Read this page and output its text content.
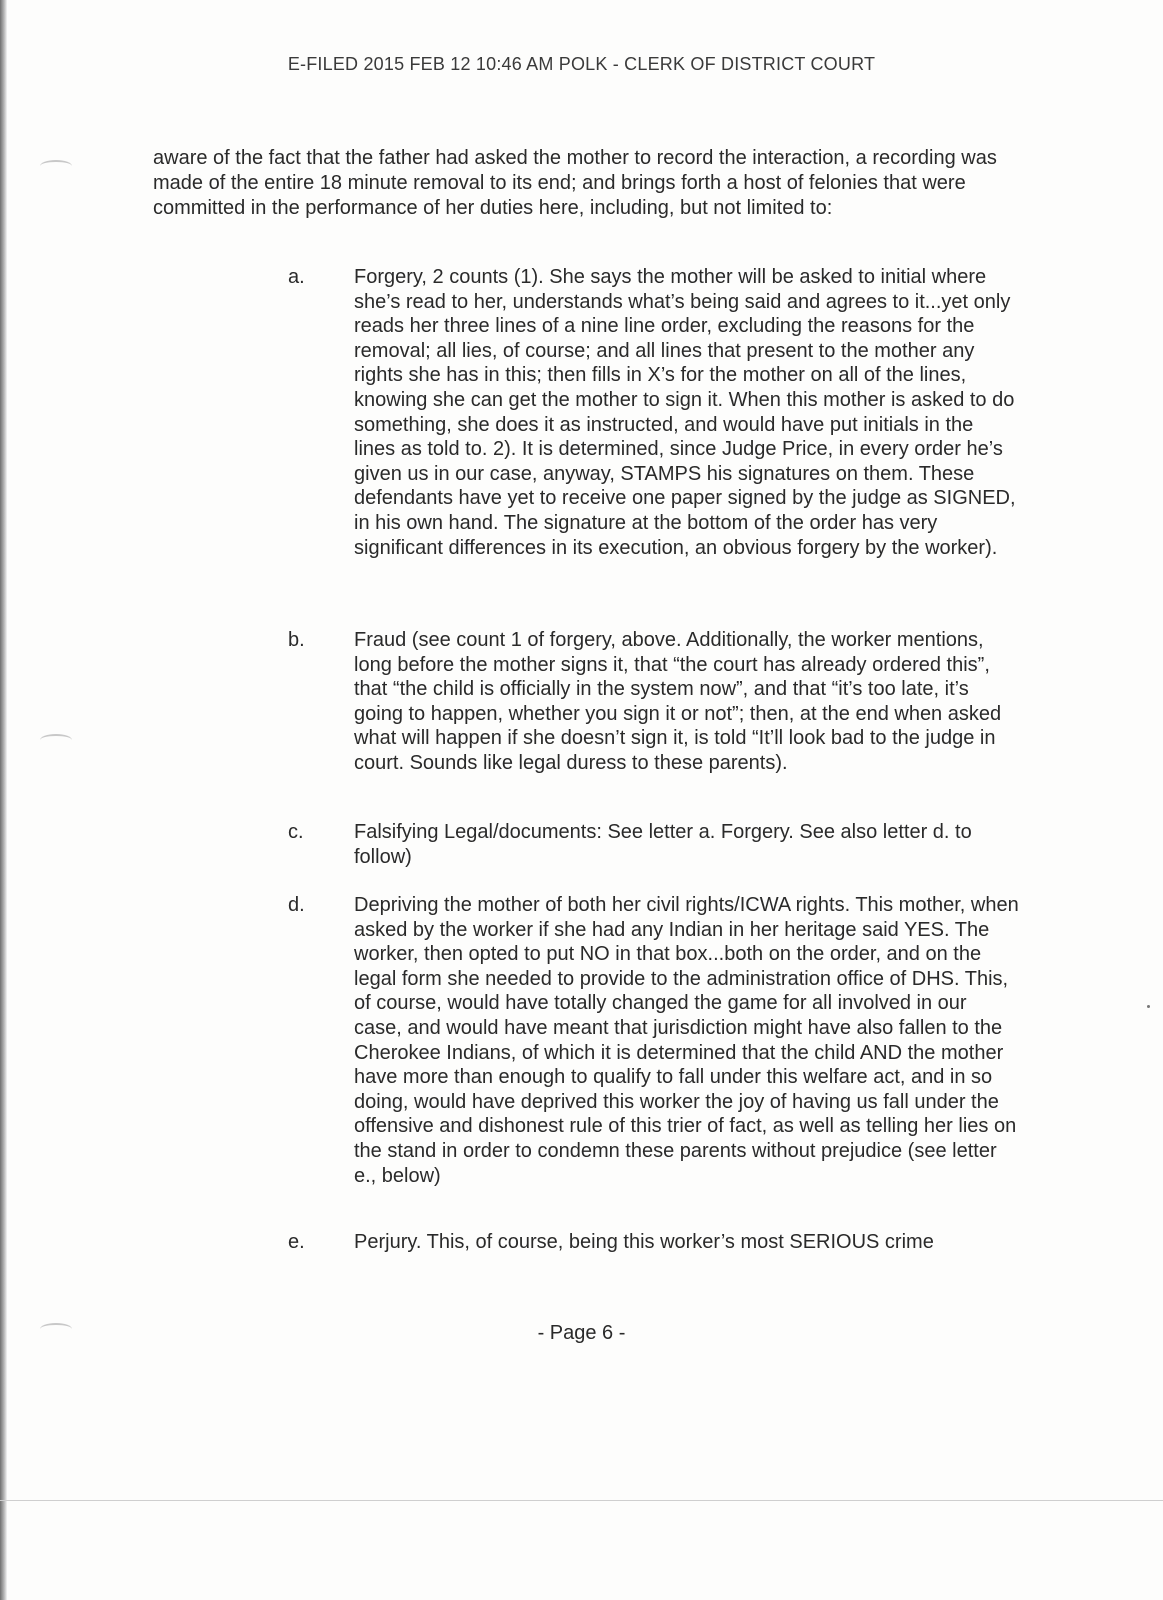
E-FILED 2015 FEB 12 10:46 AM POLK - CLERK OF DISTRICT COURT

aware of the fact that the father had asked the mother to record the interaction, a recording was made of the entire 18 minute removal to its end; and brings forth a host of felonies that were committed in the performance of her duties here, including, but not limited to:

a.	Forgery, 2 counts (1). She says the mother will be asked to initial where she’s read to her, understands what’s being said and agrees to it...yet only reads her three lines of a nine line order, excluding the reasons for the removal; all lies, of course; and all lines that present to the mother any rights she has in this; then fills in X’s for the mother on all of the lines, knowing she can get the mother to sign it. When this mother is asked to do something, she does it as instructed, and would have put initials in the lines as told to. 2). It is determined, since Judge Price, in every order he’s given us in our case, anyway, STAMPS his signatures on them. These defendants have yet to receive one paper signed by the judge as SIGNED, in his own hand. The signature at the bottom of the order has very significant differences in its execution, an obvious forgery by the worker).

b.	Fraud (see count 1 of forgery, above. Additionally, the worker mentions, long before the mother signs it, that “the court has already ordered this”, that “the child is officially in the system now”, and that “it’s too late, it’s going to happen, whether you sign it or not”; then, at the end when asked what will happen if she doesn’t sign it, is told “It’ll look bad to the judge in court. Sounds like legal duress to these parents).

c.	Falsifying Legal/documents: See letter a. Forgery. See also letter d. to follow)

d.	Depriving the mother of both her civil rights/ICWA rights. This mother, when asked by the worker if she had any Indian in her heritage said YES. The worker, then opted to put NO in that box...both on the order, and on the legal form she needed to provide to the administration office of DHS. This, of course, would have totally changed the game for all involved in our case, and would have meant that jurisdiction might have also fallen to the Cherokee Indians, of which it is determined that the child AND the mother have more than enough to qualify to fall under this welfare act, and in so doing, would have deprived this worker the joy of having us fall under the offensive and dishonest rule of this trier of fact, as well as telling her lies on the stand in order to condemn these parents without prejudice (see letter e., below)

e.	Perjury. This, of course, being this worker’s most SERIOUS crime

- Page 6 -
